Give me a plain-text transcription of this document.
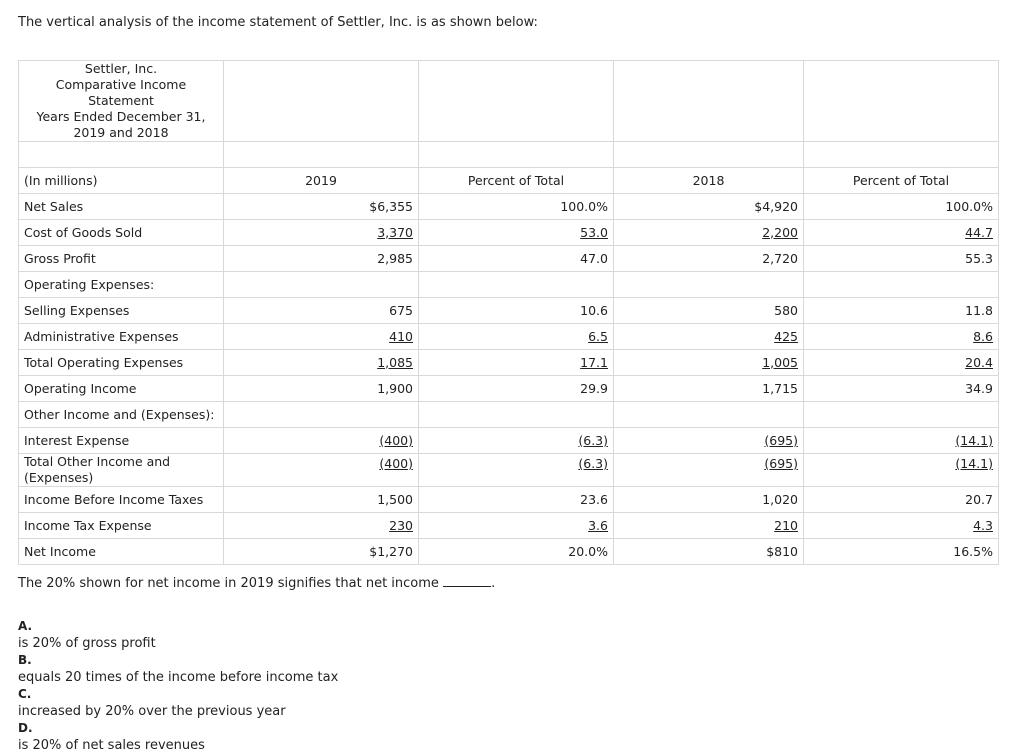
The vertical analysis of the income statement of Settler, Inc. is as shown below:
Settler, Inc.
Comparative Income Statement
Years Ended December 31,
2019 and 2018				

(In millions)	2019	Percent of Total	2018	Percent of Total
Net Sales	$6,355	100.0%	$4,920	100.0%
Cost of Goods Sold	3,370	53.0	2,200	44.7
Gross Profit	2,985	47.0	2,720	55.3
Operating Expenses:				
Selling Expenses	675	10.6	580	11.8
Administrative Expenses	410	6.5	425	8.6
Total Operating Expenses	1,085	17.1	1,005	20.4
Operating Income	1,900	29.9	1,715	34.9
Other Income and (Expenses):				
Interest Expense	(400)	(6.3)	(695)	(14.1)
Total Other Income and (Expenses)	(400)	(6.3)	(695)	(14.1)
Income Before Income Taxes	1,500	23.6	1,020	20.7
Income Tax Expense	230	3.6	210	4.3
Net Income	$1,270	20.0%	$810	16.5%
The 20% shown for net income in 2019 signifies that net income	.
A.
is 20% of gross profit
B.
equals 20 times of the income before income tax
C.
increased by 20% over the previous year
D.
is 20% of net sales revenues
